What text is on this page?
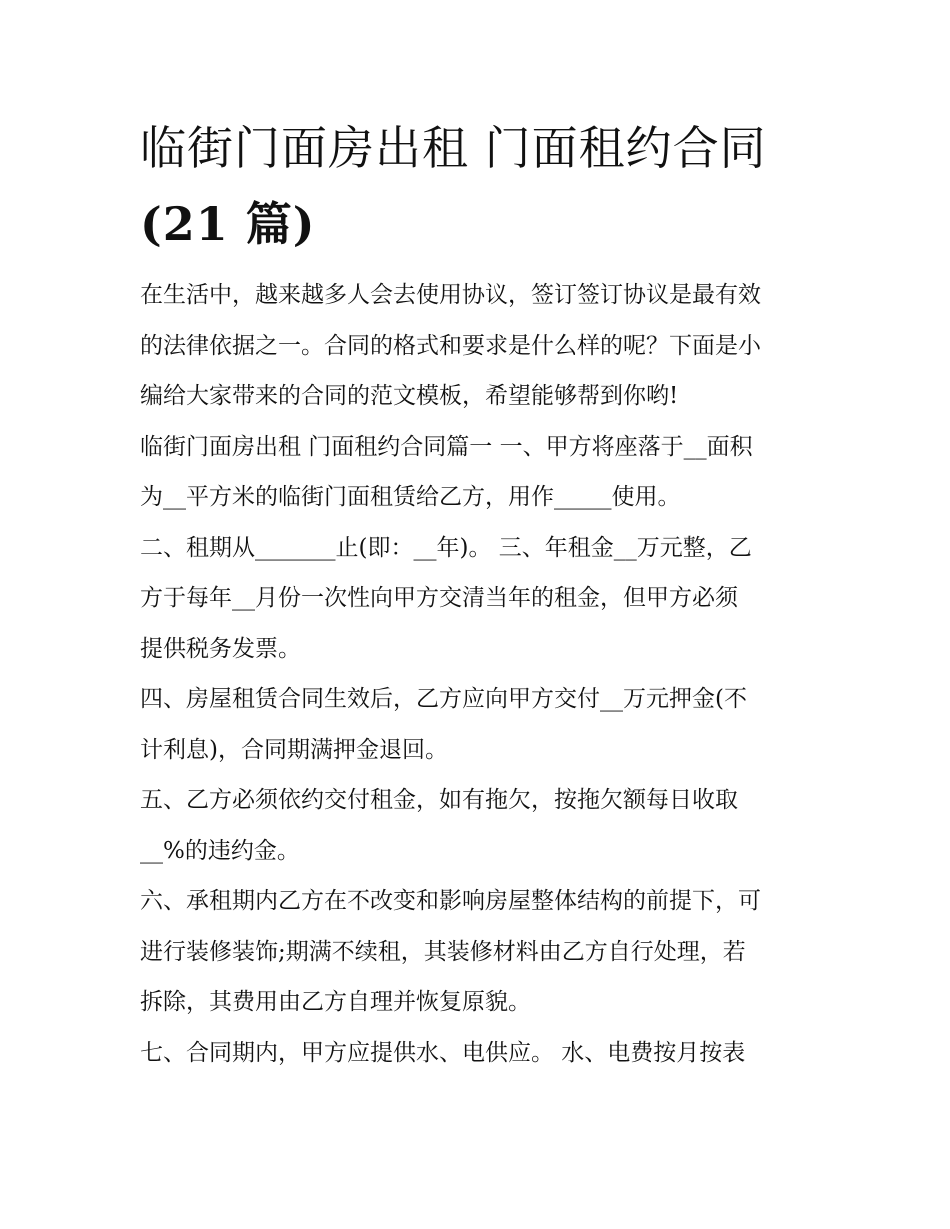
临街门面房出租 门面租约合同
(21 篇)
在生活中，越来越多人会去使用协议，签订签订协议是最有效
的法律依据之一。合同的格式和要求是什么样的呢？下面是小
编给大家带来的合同的范文模板，希望能够帮到你哟!
临街门面房出租 门面租约合同篇一 一、甲方将座落于__面积
为__平方米的临街门面租赁给乙方，用作_____使用。
二、租期从_______止(即：__年)。 三、年租金__万元整，乙
方于每年__月份一次性向甲方交清当年的租金，但甲方必须
提供税务发票。
四、房屋租赁合同生效后，乙方应向甲方交付__万元押金(不
计利息)，合同期满押金退回。
五、乙方必须依约交付租金，如有拖欠，按拖欠额每日收取
__%的违约金。
六、承租期内乙方在不改变和影响房屋整体结构的前提下，可
进行装修装饰;期满不续租，其装修材料由乙方自行处理，若
拆除，其费用由乙方自理并恢复原貌。
七、合同期内，甲方应提供水、电供应。 水、电费按月按表
